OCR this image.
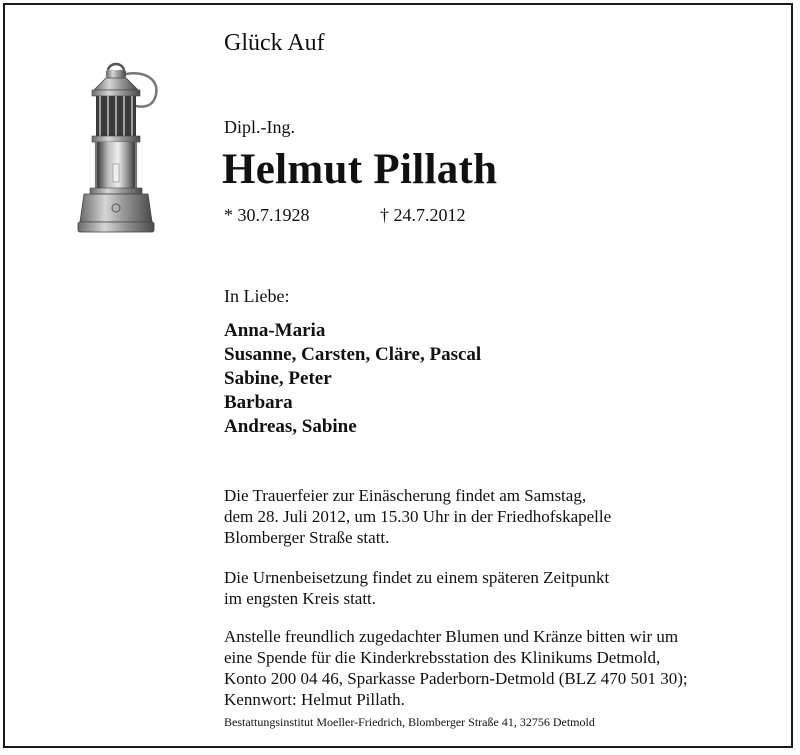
Glück Auf

Dipl.-Ing.

Helmut Pillath

* 30.7.1928	† 24.7.2012

In Liebe:

Anna-Maria
Susanne, Carsten, Cläre, Pascal
Sabine, Peter
Barbara
Andreas, Sabine

Die Trauerfeier zur Einäscherung findet am Samstag,
dem 28. Juli 2012, um 15.30 Uhr in der Friedhofskapelle
Blomberger Straße statt.

Die Urnenbeisetzung findet zu einem späteren Zeitpunkt
im engsten Kreis statt.

Anstelle freundlich zugedachter Blumen und Kränze bitten wir um
eine Spende für die Kinderkrebsstation des Klinikums Detmold,
Konto 200 04 46, Sparkasse Paderborn-Detmold (BLZ 470 501 30);
Kennwort: Helmut Pillath.

Bestattungsinstitut Moeller-Friedrich, Blomberger Straße 41, 32756 Detmold
